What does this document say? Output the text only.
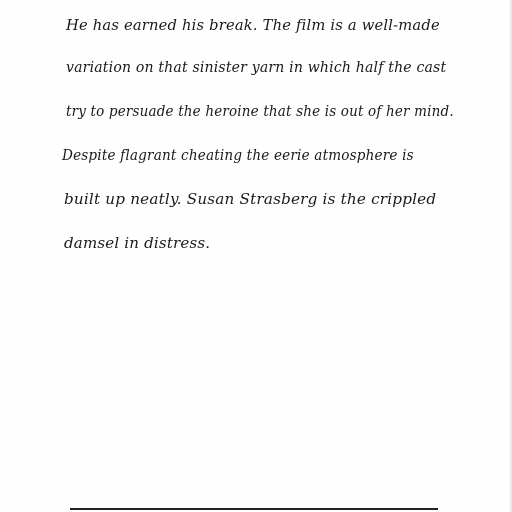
He has earned his break. The film is a well-made
variation on that sinister yarn in which half the cast
try to persuade the heroine that she is out of her mind.
Despite flagrant cheating the eerie atmosphere is
built up neatly. Susan Strasberg is the crippled
damsel in distress.
